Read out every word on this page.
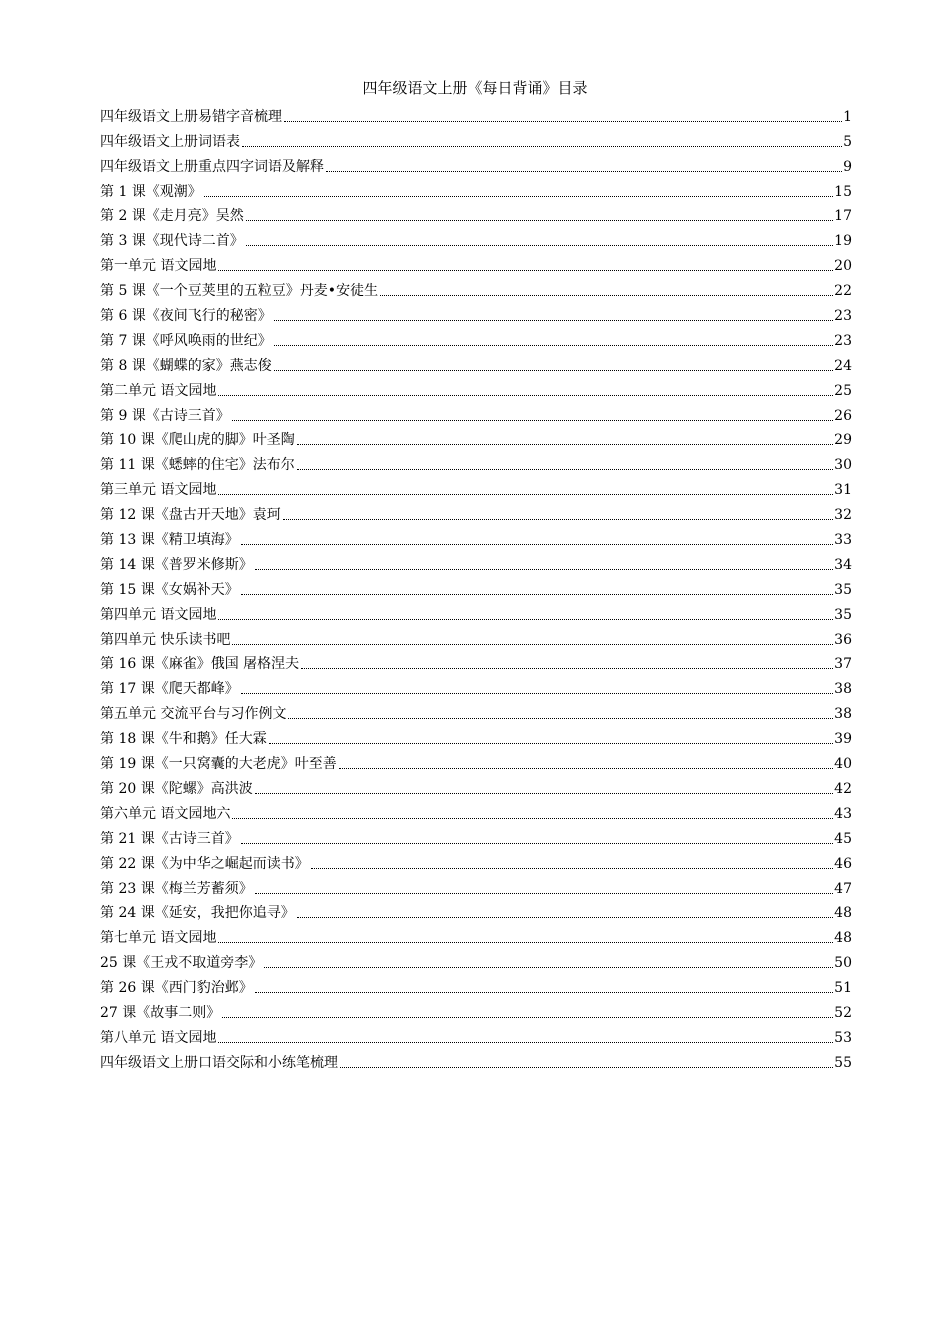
四年级语文上册《每日背诵》目录
四年级语文上册易错字音梳理	1
四年级语文上册词语表	5
四年级语文上册重点四字词语及解释	9
第 1 课《观潮》	15
第 2 课《走月亮》吴然	17
第 3 课《现代诗二首》	19
第一单元 语文园地	20
第 5 课《一个豆荚里的五粒豆》丹麦•安徒生	22
第 6 课《夜间飞行的秘密》	23
第 7 课《呼风唤雨的世纪》	23
第 8 课《蝴蝶的家》燕志俊	24
第二单元 语文园地	25
第 9 课《古诗三首》	26
第 10 课《爬山虎的脚》叶圣陶	29
第 11 课《蟋蟀的住宅》法布尔	30
第三单元 语文园地	31
第 12 课《盘古开天地》袁珂	32
第 13 课《精卫填海》	33
第 14 课《普罗米修斯》	34
第 15 课《女娲补天》	35
第四单元 语文园地	35
第四单元 快乐读书吧	36
第 16 课《麻雀》俄国 屠格涅夫	37
第 17 课《爬天都峰》	38
第五单元 交流平台与习作例文	38
第 18 课《牛和鹅》任大霖	39
第 19 课《一只窝囊的大老虎》叶至善	40
第 20 课《陀螺》高洪波	42
第六单元 语文园地六	43
第 21 课《古诗三首》	45
第 22 课《为中华之崛起而读书》	46
第 23 课《梅兰芳蓄须》	47
第 24 课《延安，我把你追寻》	48
第七单元 语文园地	48
25 课《王戎不取道旁李》	50
第 26 课《西门豹治邺》	51
27 课《故事二则》	52
第八单元 语文园地	53
四年级语文上册口语交际和小练笔梳理	55
